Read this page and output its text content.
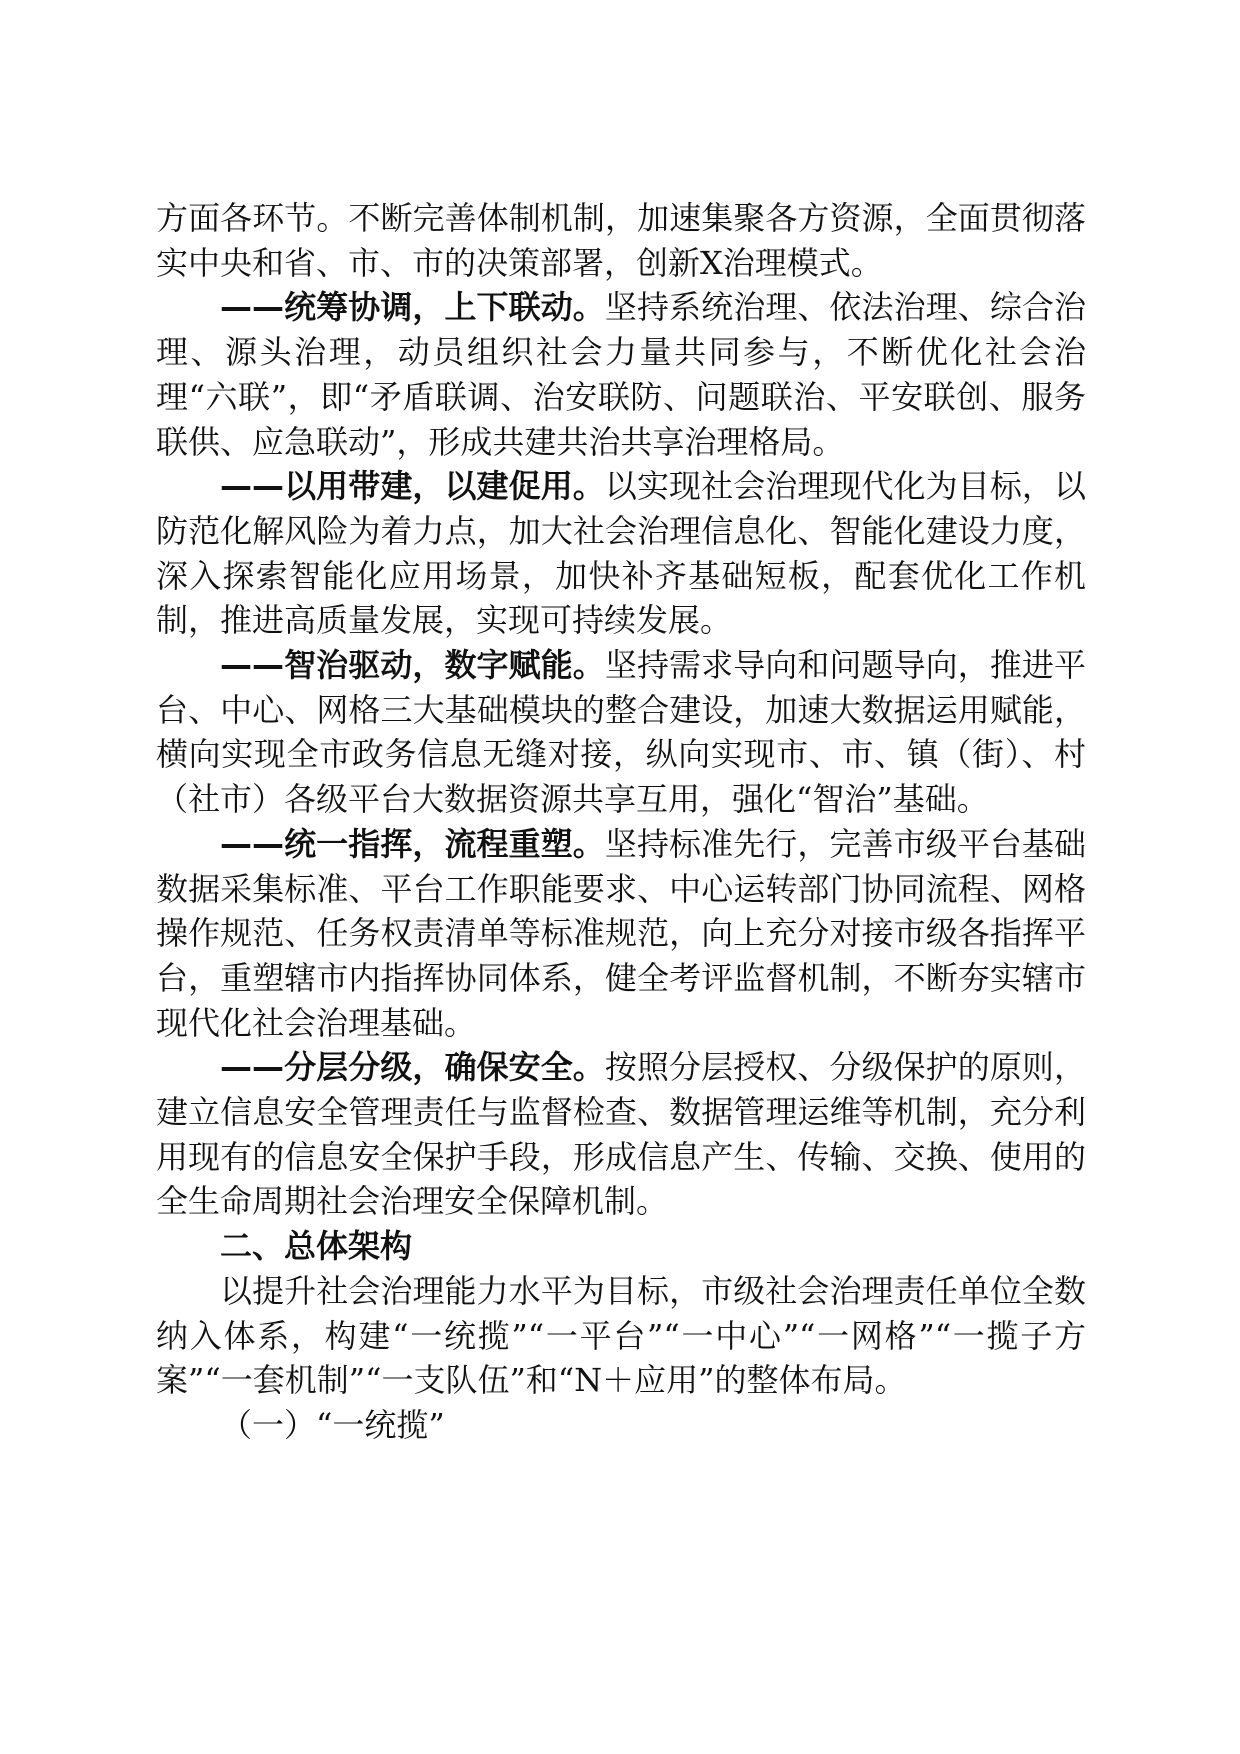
方面各环节。不断完善体制机制，加速集聚各方资源，全面贯彻落实中央和省、市、市的决策部署，创新X治理模式。

——统筹协调，上下联动。坚持系统治理、依法治理、综合治理、源头治理，动员组织社会力量共同参与，不断优化社会治理“六联”，即“矛盾联调、治安联防、问题联治、平安联创、服务联供、应急联动”，形成共建共治共享治理格局。

——以用带建，以建促用。以实现社会治理现代化为目标，以防范化解风险为着力点，加大社会治理信息化、智能化建设力度，深入探索智能化应用场景，加快补齐基础短板，配套优化工作机制，推进高质量发展，实现可持续发展。

——智治驱动，数字赋能。坚持需求导向和问题导向，推进平台、中心、网格三大基础模块的整合建设，加速大数据运用赋能，横向实现全市政务信息无缝对接，纵向实现市、市、镇（街）、村（社市）各级平台大数据资源共享互用，强化“智治”基础。

——统一指挥，流程重塑。坚持标准先行，完善市级平台基础数据采集标准、平台工作职能要求、中心运转部门协同流程、网格操作规范、任务权责清单等标准规范，向上充分对接市级各指挥平台，重塑辖市内指挥协同体系，健全考评监督机制，不断夯实辖市现代化社会治理基础。

——分层分级，确保安全。按照分层授权、分级保护的原则，建立信息安全管理责任与监督检查、数据管理运维等机制，充分利用现有的信息安全保护手段，形成信息产生、传输、交换、使用的全生命周期社会治理安全保障机制。

二、总体架构

以提升社会治理能力水平为目标，市级社会治理责任单位全数纳入体系，构建“一统揽”“一平台”“一中心”“一网格”“一揽子方案”“一套机制”“一支队伍”和“N＋应用”的整体布局。

（一）“一统揽”
